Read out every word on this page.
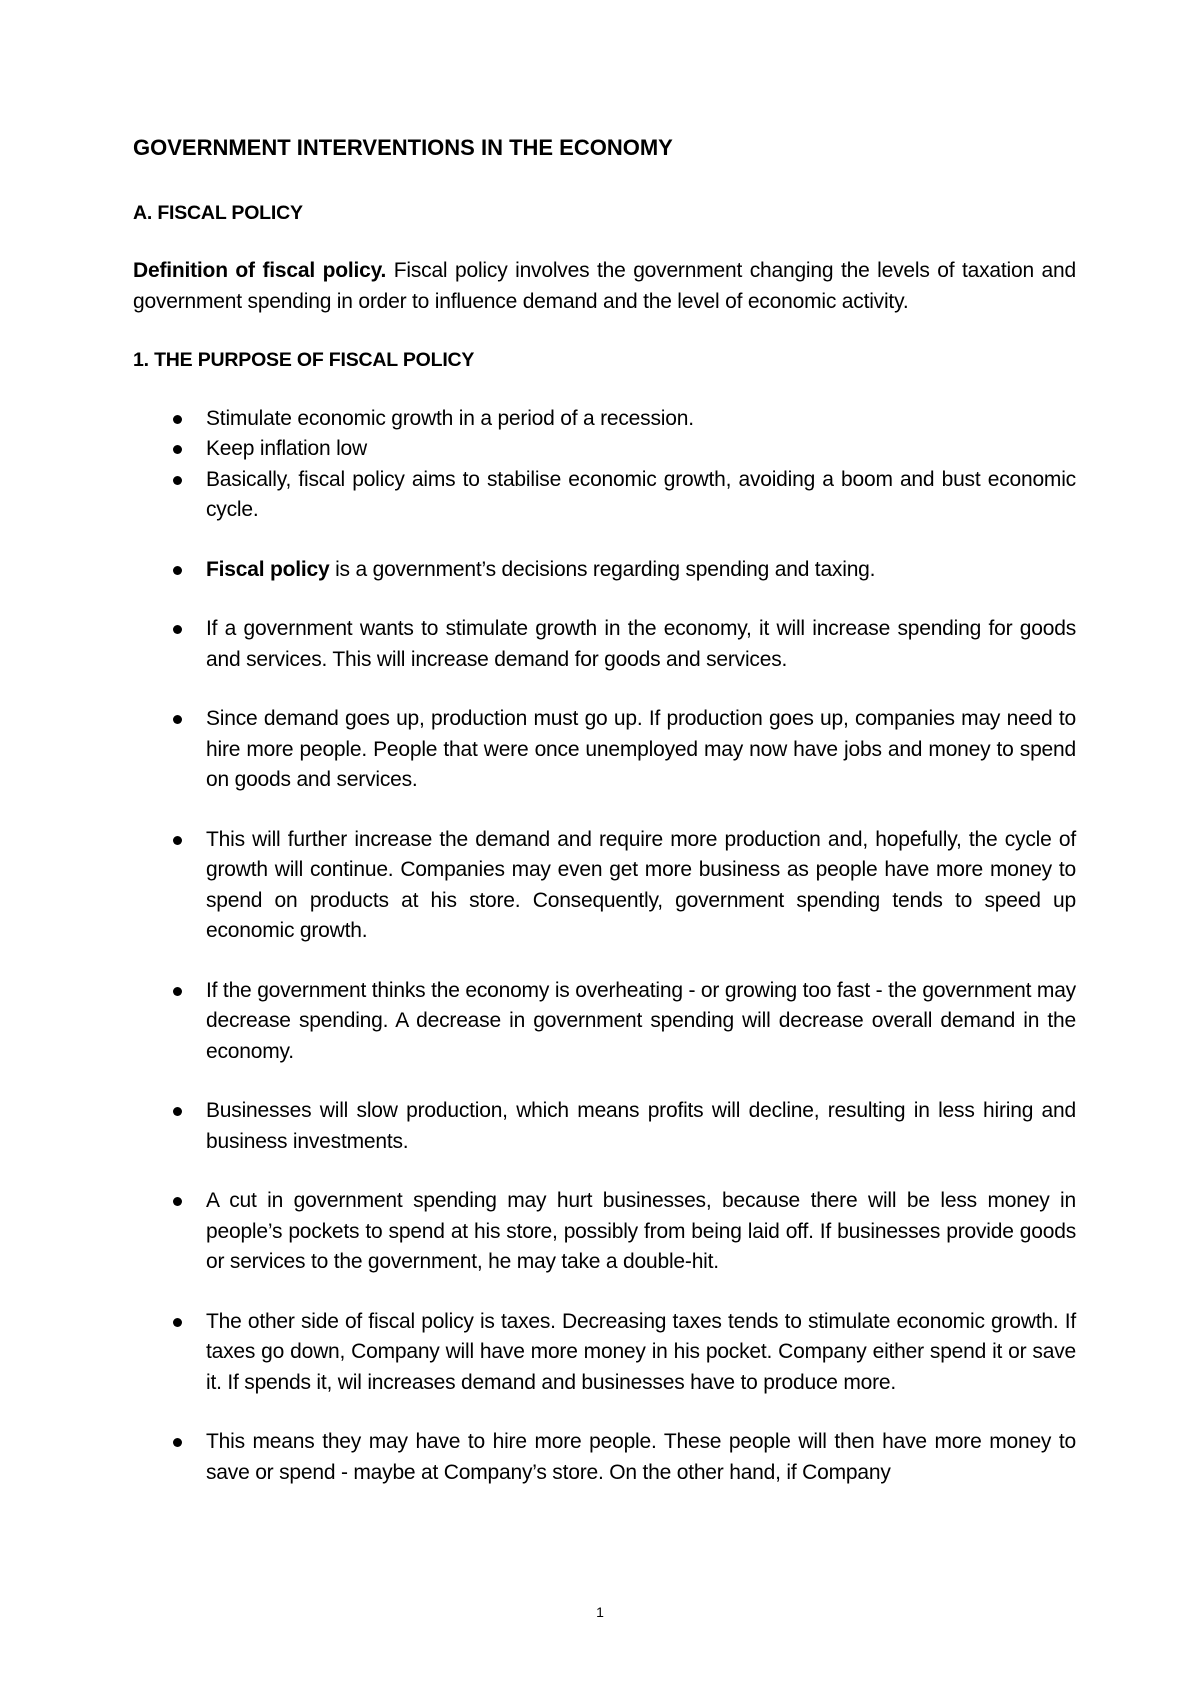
GOVERNMENT INTERVENTIONS IN THE ECONOMY
A. FISCAL POLICY

Definition of fiscal policy. Fiscal policy involves the government changing the levels of taxation and government spending in order to influence demand and the level of economic activity.

1. THE PURPOSE OF FISCAL POLICY
Stimulate economic growth in a period of a recession.
Keep inflation low
Basically, fiscal policy aims to stabilise economic growth, avoiding a boom and bust economic cycle.
Fiscal policy is a government’s decisions regarding spending and taxing.
If a government wants to stimulate growth in the economy, it will increase spending for goods and services. This will increase demand for goods and services.
Since demand goes up, production must go up. If production goes up, companies may need to hire more people. People that were once unemployed may now have jobs and money to spend on goods and services.
This will further increase the demand and require more production and, hopefully, the cycle of growth will continue. Companies may even get more business as people have more money to spend on products at his store. Consequently, government spending tends to speed up economic growth.
If the government thinks the economy is overheating - or growing too fast - the government may decrease spending. A decrease in government spending will decrease overall demand in the economy.
Businesses will slow production, which means profits will decline, resulting in less hiring and business investments.
A cut in government spending may hurt businesses, because there will be less money in people’s pockets to spend at his store, possibly from being laid off. If businesses provide goods or services to the government, he may take a double-hit.
The other side of fiscal policy is taxes. Decreasing taxes tends to stimulate economic growth. If taxes go down, Company will have more money in his pocket. Company either spend it or save it. If spends it, wil increases demand and businesses have to produce more.
This means they may have to hire more people. These people will then have more money to save or spend - maybe at Company’s store. On the other hand, if Company
1
